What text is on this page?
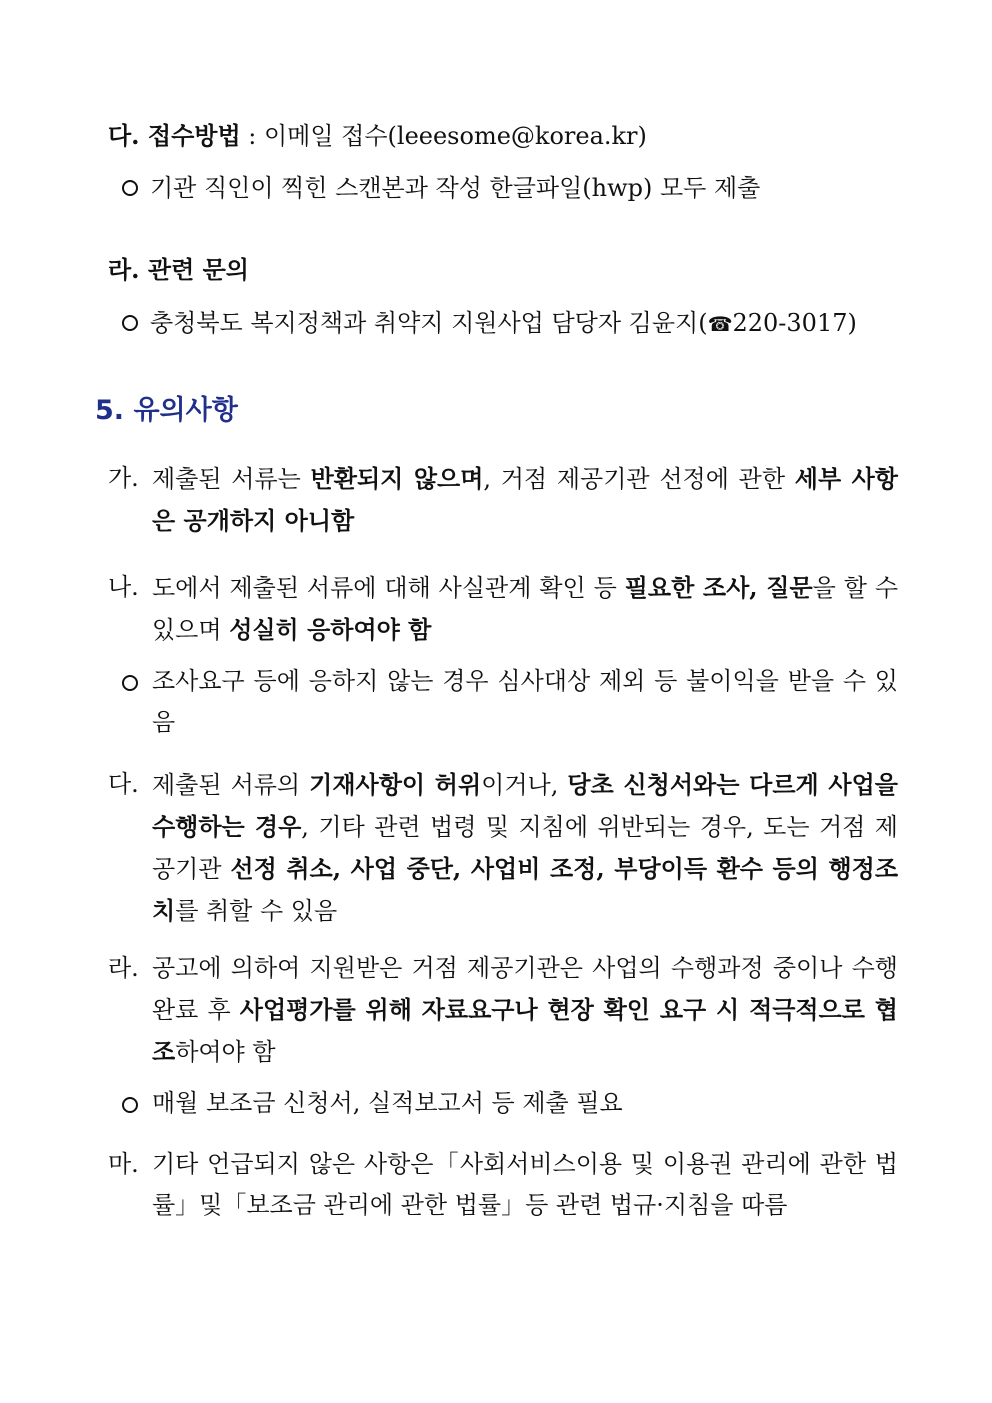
다. 접수방법 : 이메일 접수(leeesome@korea.kr)
기관 직인이 찍힌 스캔본과 작성 한글파일(hwp) 모두 제출
라. 관련 문의
충청북도 복지정책과 취약지 지원사업 담당자 김윤지(☎220-3017)
5. 유의사항
가. 제출된 서류는 반환되지 않으며, 거점 제공기관 선정에 관한 세부 사항은 공개하지 아니함
나. 도에서 제출된 서류에 대해 사실관계 확인 등 필요한 조사, 질문을 할 수 있으며 성실히 응하여야 함
조사요구 등에 응하지 않는 경우 심사대상 제외 등 불이익을 받을 수 있음
다. 제출된 서류의 기재사항이 허위이거나, 당초 신청서와는 다르게 사업을 수행하는 경우, 기타 관련 법령 및 지침에 위반되는 경우, 도는 거점 제공기관 선정 취소, 사업 중단, 사업비 조정, 부당이득 환수 등의 행정조치를 취할 수 있음
라. 공고에 의하여 지원받은 거점 제공기관은 사업의 수행과정 중이나 수행 완료 후 사업평가를 위해 자료요구나 현장 확인 요구 시 적극적으로 협조하여야 함
매월 보조금 신청서, 실적보고서 등 제출 필요
마. 기타 언급되지 않은 사항은「사회서비스이용 및 이용권 관리에 관한 법률」및「보조금 관리에 관한 법률」등 관련 법규·지침을 따름
